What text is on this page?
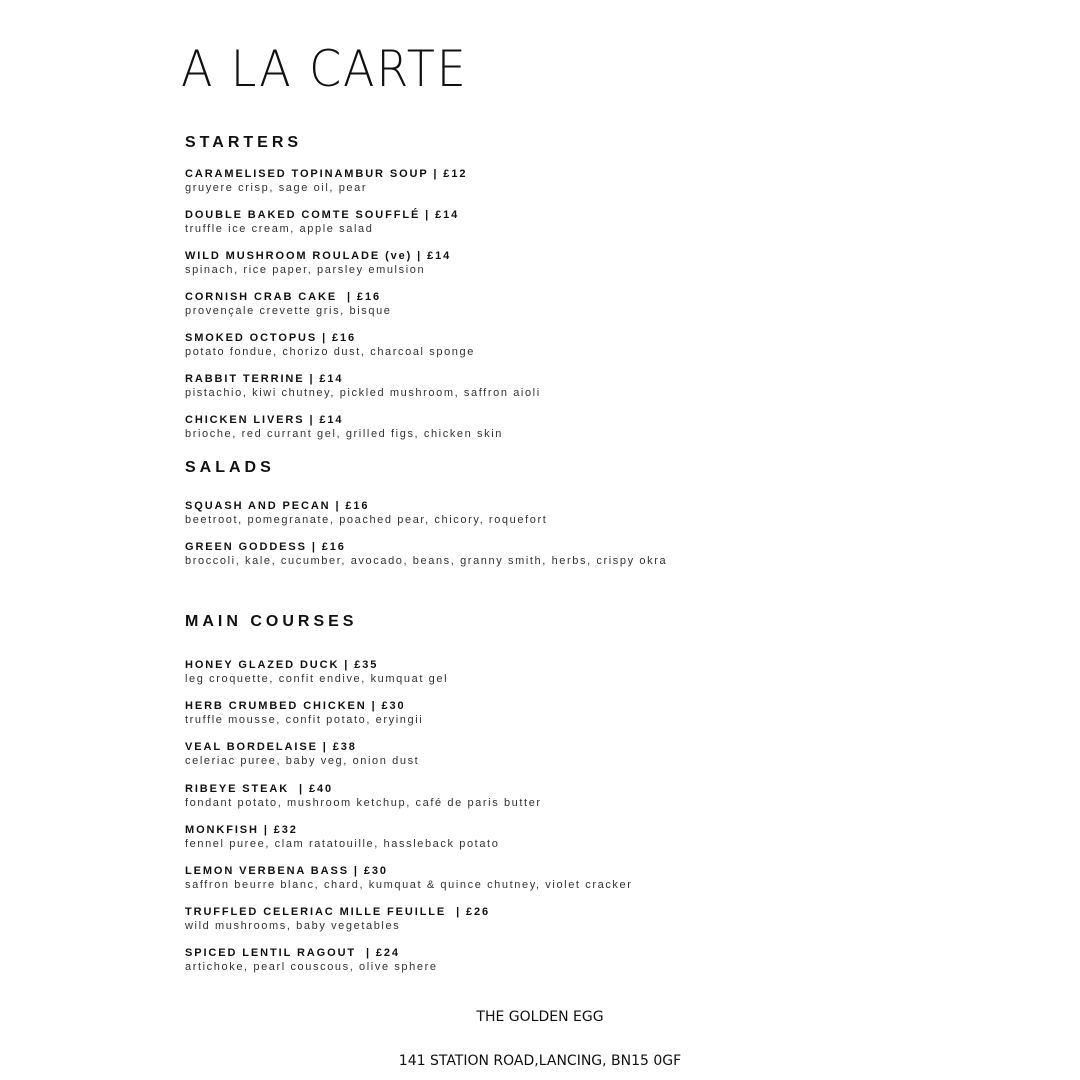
A LA CARTE
STARTERS
CARAMELISED TOPINAMBUR SOUP | £12
gruyere crisp, sage oil, pear
DOUBLE BAKED COMTE SOUFFLÉ | £14
truffle ice cream, apple salad
WILD MUSHROOM ROULADE (ve) | £14
spinach, rice paper, parsley emulsion
CORNISH CRAB CAKE  | £16
provençale crevette gris, bisque
SMOKED OCTOPUS | £16
potato fondue, chorizo dust, charcoal sponge
RABBIT TERRINE | £14
pistachio, kiwi chutney, pickled mushroom, saffron aioli
CHICKEN LIVERS | £14
brioche, red currant gel, grilled figs, chicken skin
SALADS
SQUASH AND PECAN | £16
beetroot, pomegranate, poached pear, chicory, roquefort
GREEN GODDESS | £16
broccoli, kale, cucumber, avocado, beans, granny smith, herbs, crispy okra
MAIN COURSES
HONEY GLAZED DUCK | £35
leg croquette, confit endive, kumquat gel
HERB CRUMBED CHICKEN | £30
truffle mousse, confit potato, eryingii
VEAL BORDELAISE | £38
celeriac puree, baby veg, onion dust
RIBEYE STEAK  | £40
fondant potato, mushroom ketchup, café de paris butter
MONKFISH | £32
fennel puree, clam ratatouille, hassleback potato
LEMON VERBENA BASS | £30
saffron beurre blanc, chard, kumquat & quince chutney, violet cracker
TRUFFLED CELERIAC MILLE FEUILLE  | £26
wild mushrooms, baby vegetables
SPICED LENTIL RAGOUT  | £24
artichoke, pearl couscous, olive sphere
THE GOLDEN EGG
141 STATION ROAD,LANCING, BN15 0GF
